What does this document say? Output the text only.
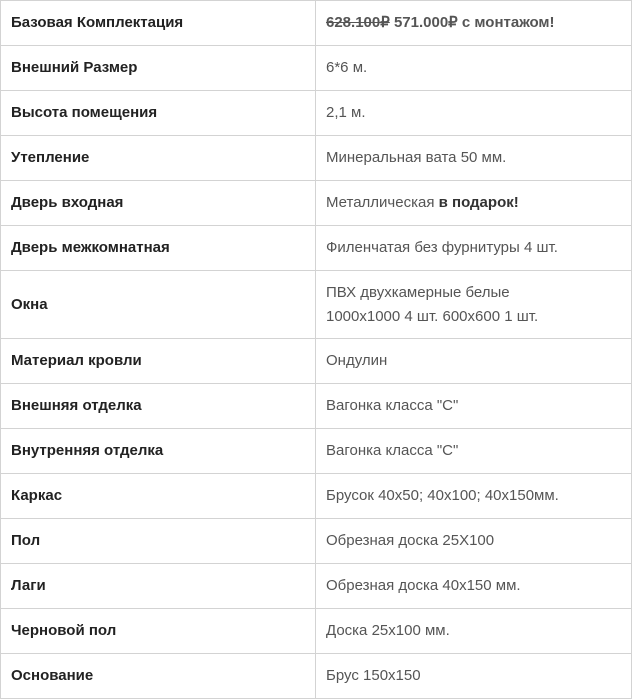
Базовая Комплектация	628.100₽ 571.000₽ с монтажом!
Внешний Размер	6*6 м.
Высота помещения	2,1 м.
Утепление	Минеральная вата 50 мм.
Дверь входная	Металлическая в подарок!
Дверь межкомнатная	Филенчатая без фурнитуры 4 шт.
Окна	ПВХ двухкамерные белые
1000х1000 4 шт. 600х600 1 шт.

Материал кровли	Ондулин
Внешняя отделка	Вагонка класса "С"
Внутренняя отделка	Вагонка класса "С"
Каркас	Брусок 40х50; 40х100; 40х150мм.
Пол	Обрезная доска 25Х100
Лаги	Обрезная доска 40х150 мм.
Черновой пол	Доска 25х100 мм.
Основание	Брус 150х150
